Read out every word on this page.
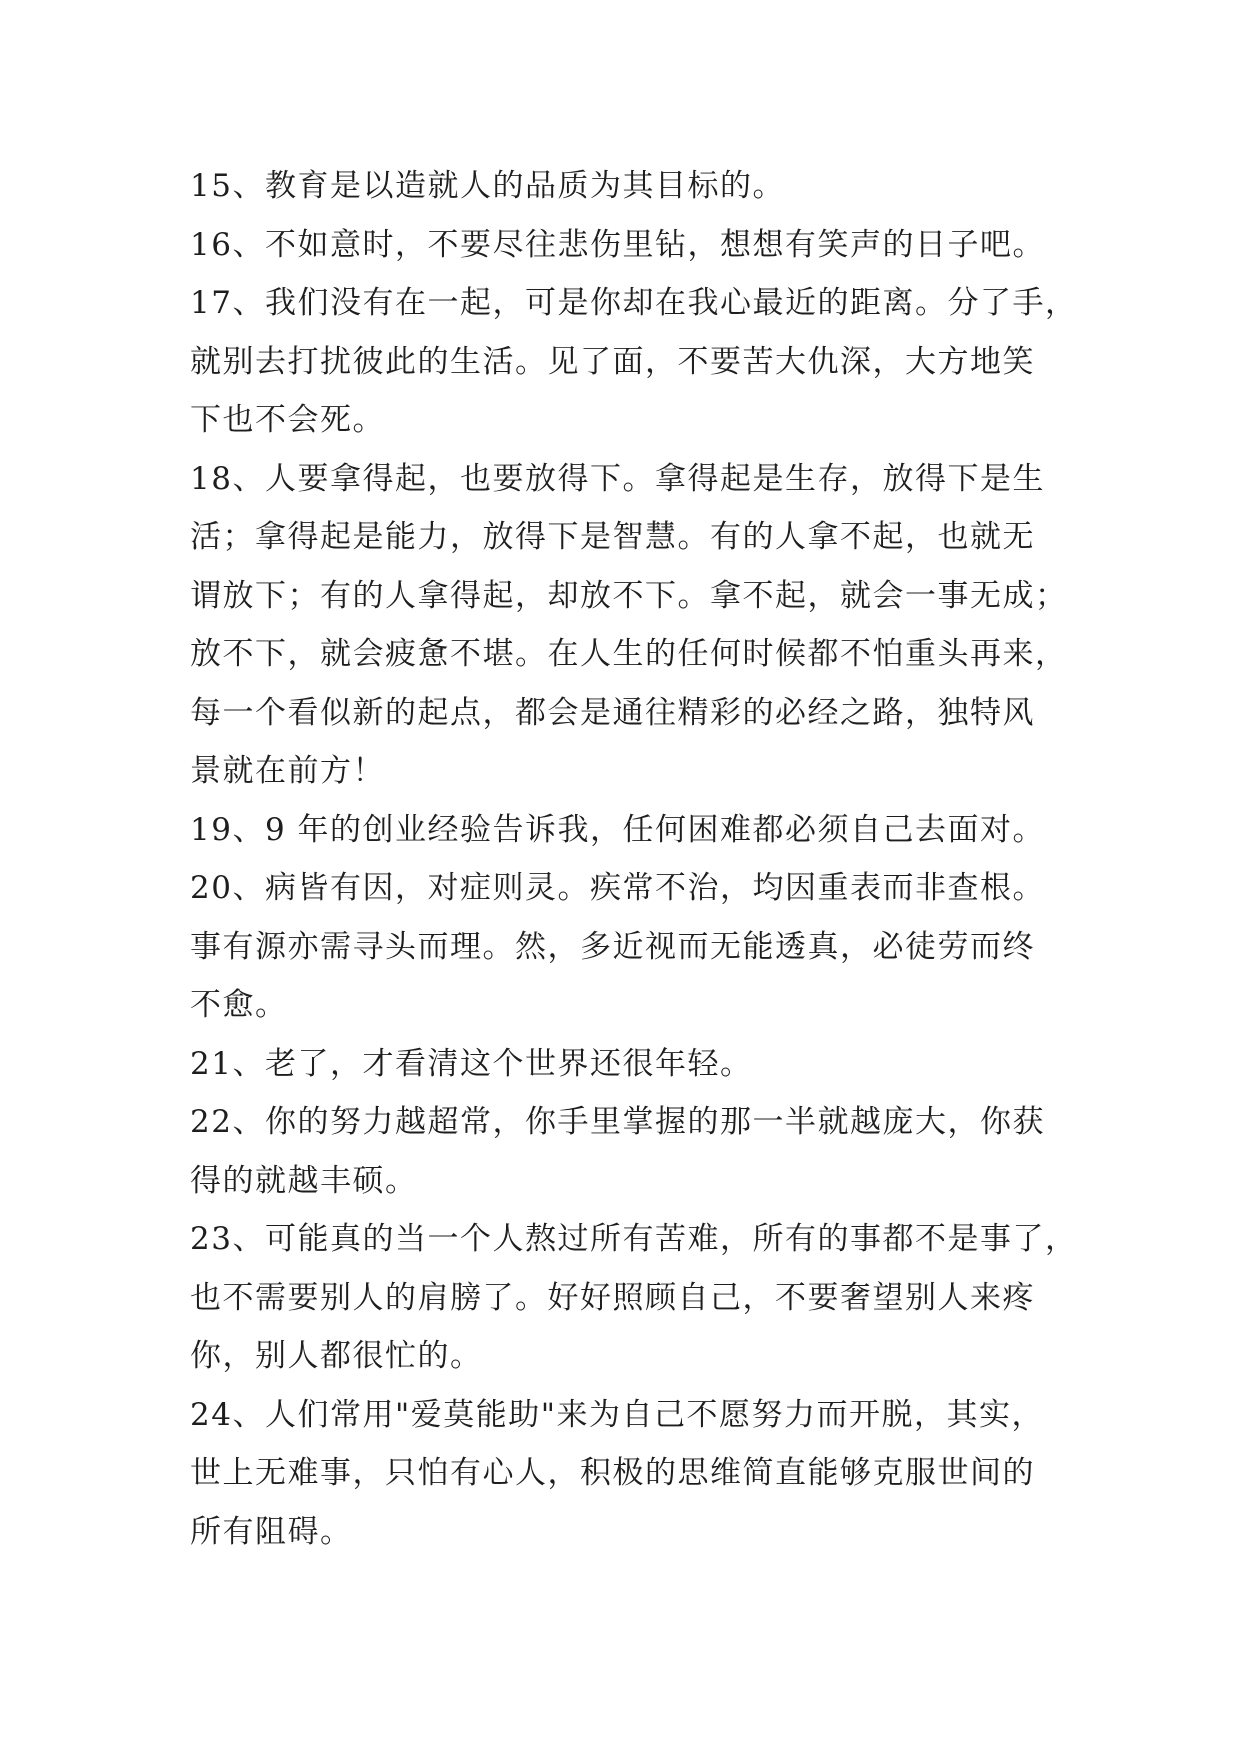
15、教育是以造就人的品质为其目标的。
16、不如意时，不要尽往悲伤里钻，想想有笑声的日子吧。
17、我们没有在一起，可是你却在我心最近的距离。分了手，
就别去打扰彼此的生活。见了面，不要苦大仇深，大方地笑
下也不会死。
18、人要拿得起，也要放得下。拿得起是生存，放得下是生
活；拿得起是能力，放得下是智慧。有的人拿不起，也就无
谓放下；有的人拿得起，却放不下。拿不起，就会一事无成；
放不下，就会疲惫不堪。在人生的任何时候都不怕重头再来，
每一个看似新的起点，都会是通往精彩的必经之路，独特风
景就在前方！
19、9 年的创业经验告诉我，任何困难都必须自己去面对。
20、病皆有因，对症则灵。疾常不治，均因重表而非查根。
事有源亦需寻头而理。然，多近视而无能透真，必徒劳而终
不愈。
21、老了，才看清这个世界还很年轻。
22、你的努力越超常，你手里掌握的那一半就越庞大，你获
得的就越丰硕。
23、可能真的当一个人熬过所有苦难，所有的事都不是事了，
也不需要别人的肩膀了。好好照顾自己，不要奢望别人来疼
你，别人都很忙的。
24、人们常用"爱莫能助"来为自己不愿努力而开脱，其实，
世上无难事，只怕有心人，积极的思维简直能够克服世间的
所有阻碍。
